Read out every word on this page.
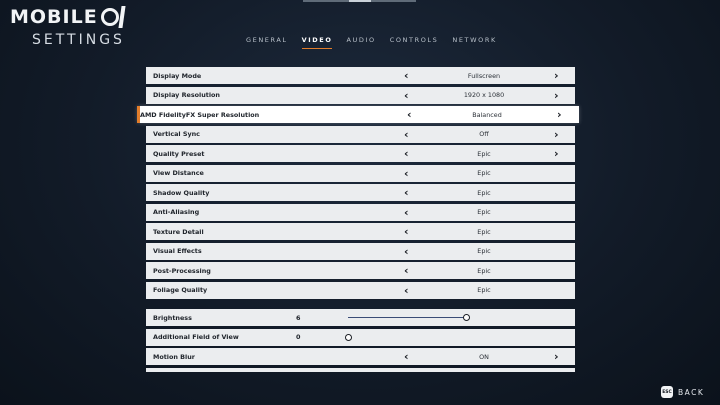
MOBILE
SETTINGS	GENERAL VIDEO AUDIO CONTROLS NETWORK
Display Mode	‹	Fullscreen	›
Display Resolution	‹	1920 x 1080	›
AMD FidelityFX Super Resolution	‹	Balanced	›
Vertical Sync	‹	Off	›
Quality Preset	‹	Epic	›
View Distance	‹	Epic
Shadow Quality	‹	Epic
Anti-Aliasing	‹	Epic
Texture Detail	‹	Epic
Visual Effects	‹	Epic
Post-Processing	‹	Epic
Foliage Quality	‹	Epic
Brightness	6
Additional Field of View	0
Motion Blur	‹	ON	›
ESC BACK
